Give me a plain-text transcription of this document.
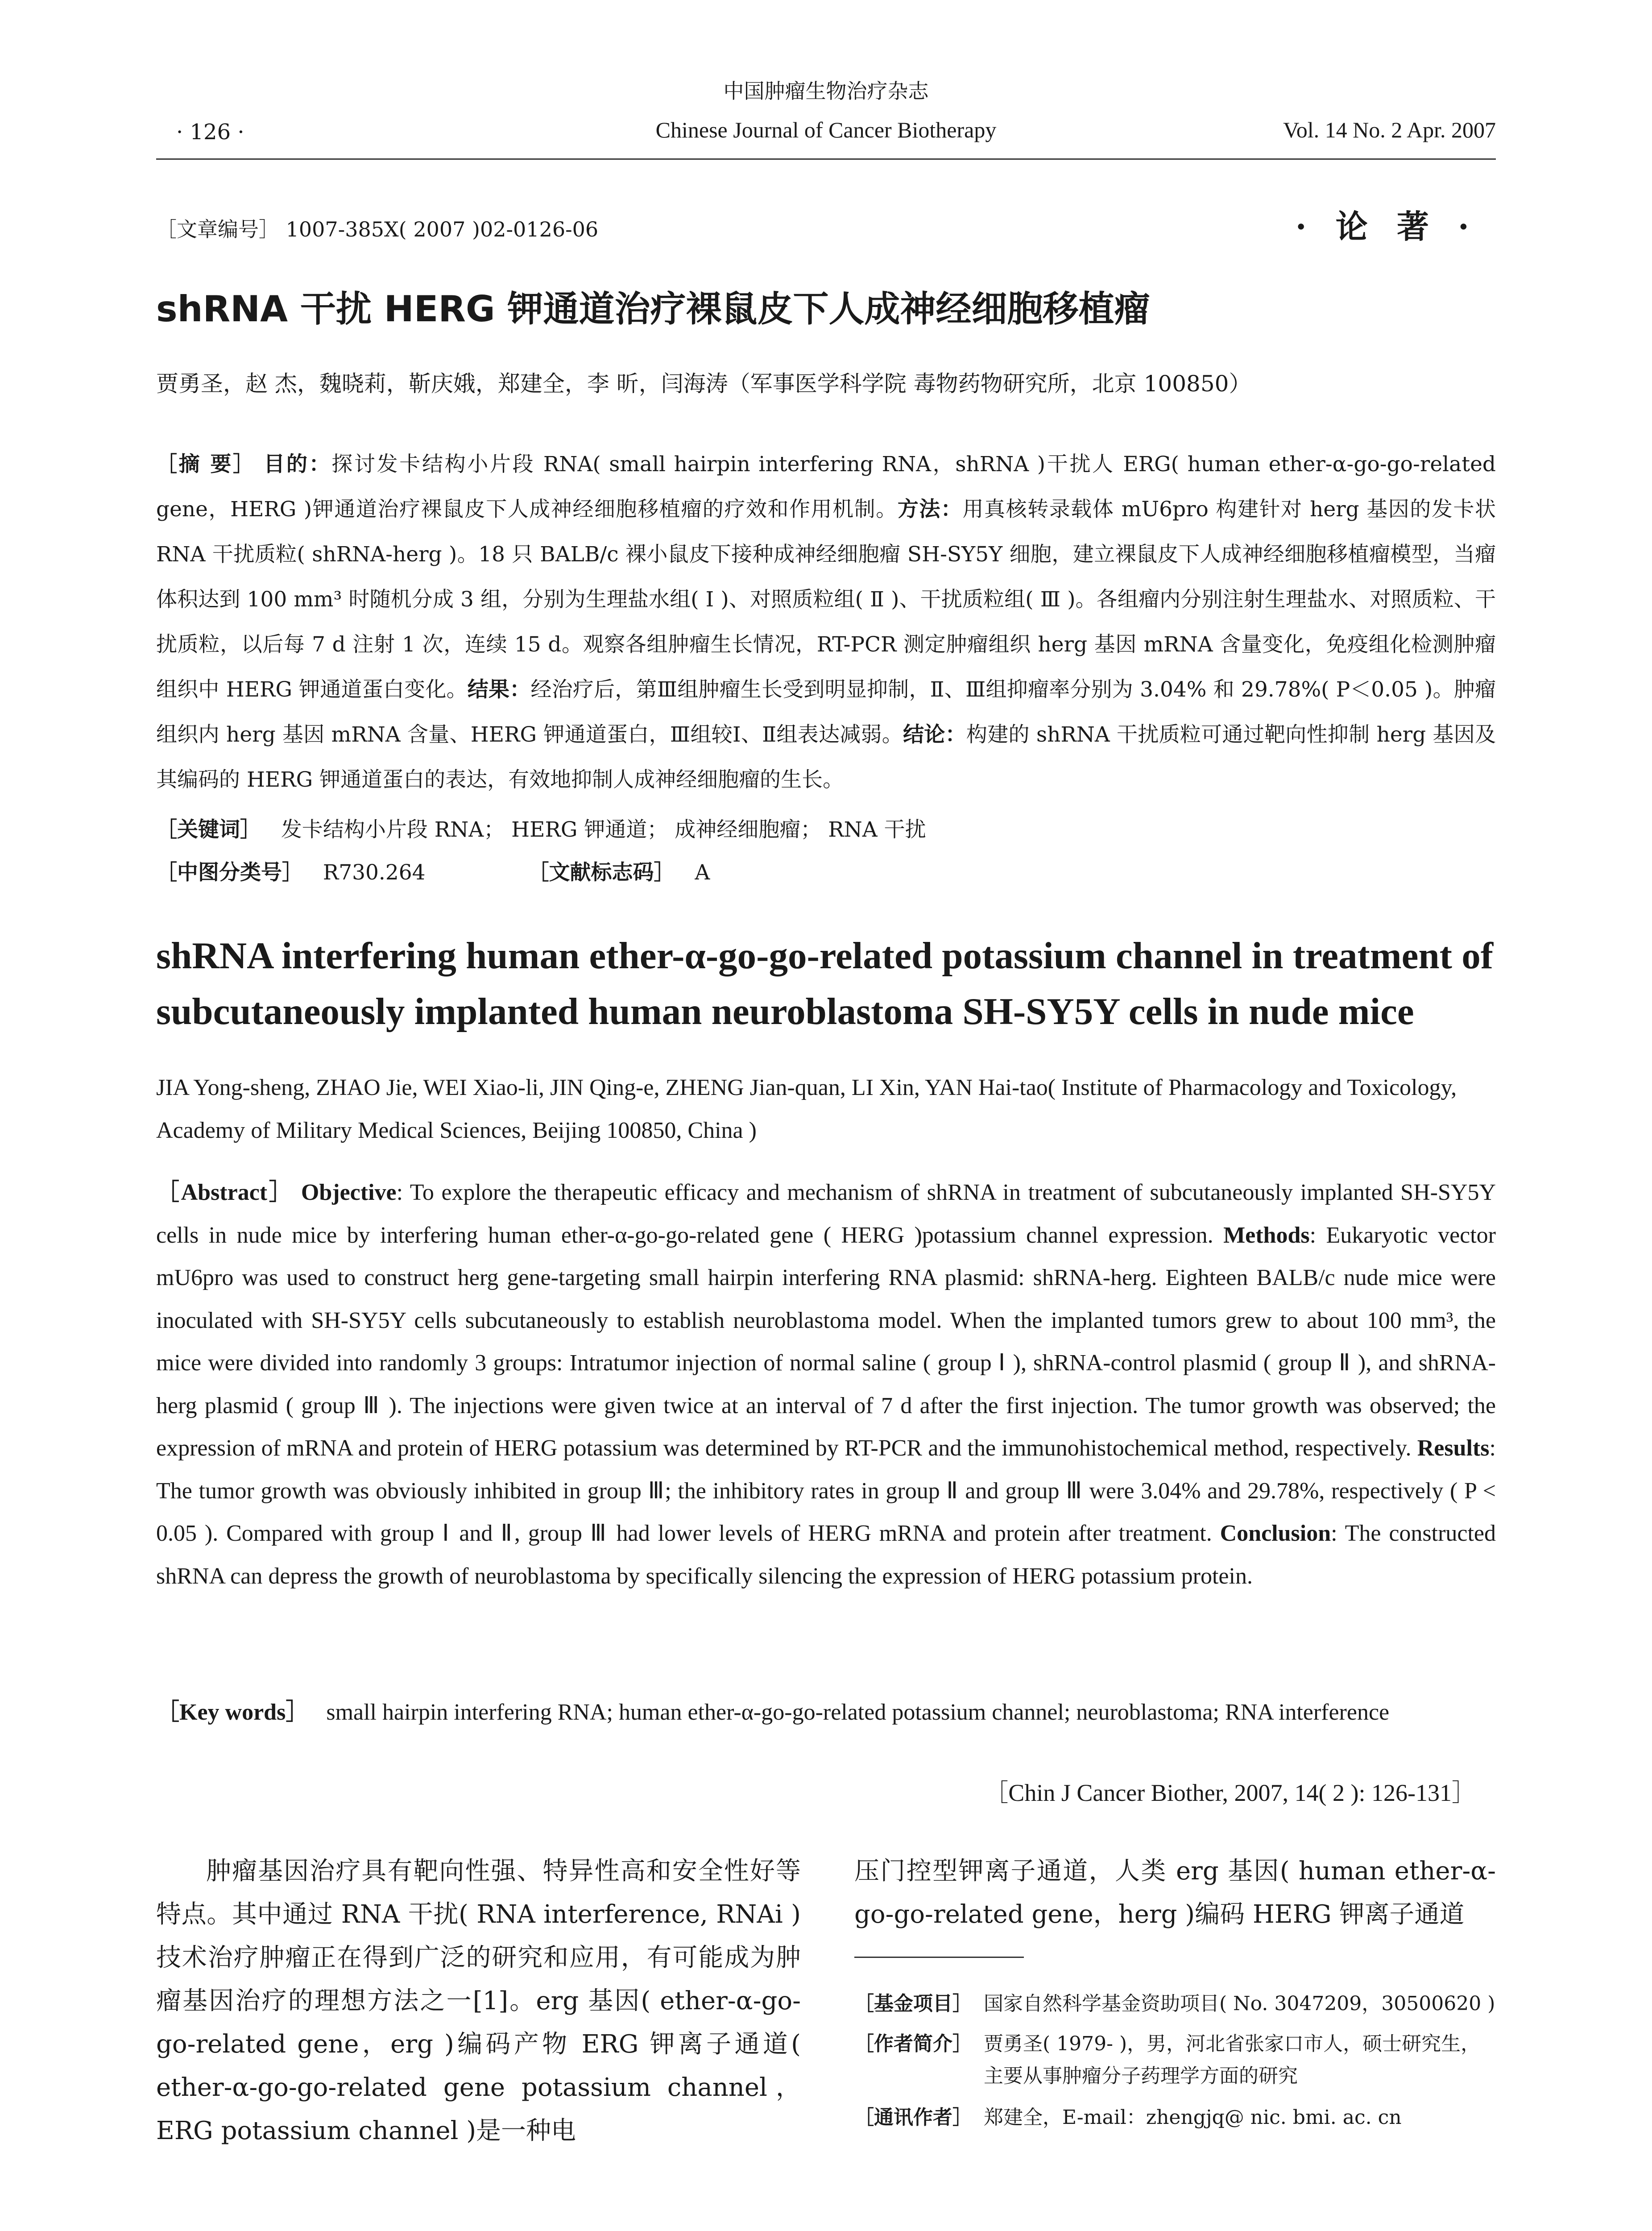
中国肿瘤生物治疗杂志
· 126 ·	Chinese Journal of Cancer Biotherapy	Vol. 14 No. 2 Apr. 2007
［文章编号］ 1007-385X( 2007 )02-0126-06	· 论 著 ·
shRNA 干扰 HERG 钾通道治疗裸鼠皮下人成神经细胞移植瘤
贾勇圣，赵 杰，魏晓莉，靳庆娥，郑建全，李 昕，闫海涛（军事医学科学院 毒物药物研究所，北京 100850）
［摘 要］ 目的：探讨发卡结构小片段 RNA( small hairpin interfering RNA，shRNA )干扰人 ERG( human ether-α-go-go-related gene，HERG )钾通道治疗裸鼠皮下人成神经细胞移植瘤的疗效和作用机制。方法：用真核转录载体 mU6pro 构建针对 herg 基因的发卡状 RNA 干扰质粒( shRNA-herg )。18 只 BALB/c 裸小鼠皮下接种成神经细胞瘤 SH-SY5Y 细胞，建立裸鼠皮下人成神经细胞移植瘤模型，当瘤体积达到 100 mm³ 时随机分成 3 组，分别为生理盐水组( Ⅰ )、对照质粒组( Ⅱ )、干扰质粒组( Ⅲ )。各组瘤内分别注射生理盐水、对照质粒、干扰质粒，以后每 7 d 注射 1 次，连续 15 d。观察各组肿瘤生长情况，RT-PCR 测定肿瘤组织 herg 基因 mRNA 含量变化，免疫组化检测肿瘤组织中 HERG 钾通道蛋白变化。结果：经治疗后，第Ⅲ组肿瘤生长受到明显抑制，Ⅱ、Ⅲ组抑瘤率分别为 3.04% 和 29.78%( P＜0.05 )。肿瘤组织内 herg 基因 mRNA 含量、HERG 钾通道蛋白，Ⅲ组较Ⅰ、Ⅱ组表达减弱。结论：构建的 shRNA 干扰质粒可通过靶向性抑制 herg 基因及其编码的 HERG 钾通道蛋白的表达，有效地抑制人成神经细胞瘤的生长。
［关键词］ 发卡结构小片段 RNA； HERG 钾通道； 成神经细胞瘤； RNA 干扰
［中图分类号］ R730.264	［文献标志码］ A
shRNA interfering human ether-α-go-go-related potassium channel in treatment of subcutaneously implanted human neuroblastoma SH-SY5Y cells in nude mice
JIA Yong-sheng, ZHAO Jie, WEI Xiao-li, JIN Qing-e, ZHENG Jian-quan, LI Xin, YAN Hai-tao( Institute of Pharmacology and Toxicology, Academy of Military Medical Sciences, Beijing 100850, China )
［Abstract］ Objective: To explore the therapeutic efficacy and mechanism of shRNA in treatment of subcutaneously implanted SH-SY5Y cells in nude mice by interfering human ether-α-go-go-related gene ( HERG )potassium channel expression. Methods: Eukaryotic vector mU6pro was used to construct herg gene-targeting small hairpin interfering RNA plasmid: shRNA-herg. Eighteen BALB/c nude mice were inoculated with SH-SY5Y cells subcutaneously to establish neuroblastoma model. When the implanted tumors grew to about 100 mm³, the mice were divided into randomly 3 groups: Intratumor injection of normal saline ( group Ⅰ ), shRNA-control plasmid ( group Ⅱ ), and shRNA-herg plasmid ( group Ⅲ ). The injections were given twice at an interval of 7 d after the first injection. The tumor growth was observed; the expression of mRNA and protein of HERG potassium was determined by RT-PCR and the immunohistochemical method, respectively. Results: The tumor growth was obviously inhibited in group Ⅲ; the inhibitory rates in group Ⅱ and group Ⅲ were 3.04% and 29.78%, respectively ( P < 0.05 ). Compared with group Ⅰ and Ⅱ, group Ⅲ had lower levels of HERG mRNA and protein after treatment. Conclusion: The constructed shRNA can depress the growth of neuroblastoma by specifically silencing the expression of HERG potassium protein.
［Key words］ small hairpin interfering RNA; human ether-α-go-go-related potassium channel; neuroblastoma; RNA interference
［Chin J Cancer Biother, 2007, 14( 2 ): 126-131］
肿瘤基因治疗具有靶向性强、特异性高和安全性好等特点。其中通过 RNA 干扰( RNA interference, RNAi )技术治疗肿瘤正在得到广泛的研究和应用，有可能成为肿瘤基因治疗的理想方法之一[1]。erg 基因( ether-α-go-go-related gene，erg )编码产物 ERG 钾离子通道( ether-α-go-go-related gene potassium channel，ERG potassium channel )是一种电
压门控型钾离子通道，人类 erg 基因( human ether-α-go-go-related gene，herg )编码 HERG 钾离子通道
［基金项目］ 国家自然科学基金资助项目( No. 3047209，30500620 )
［作者简介］ 贾勇圣( 1979- )，男，河北省张家口市人，硕士研究生，
主要从事肿瘤分子药理学方面的研究
［通讯作者］ 郑建全，E-mail：zhengjq@ nic. bmi. ac. cn
